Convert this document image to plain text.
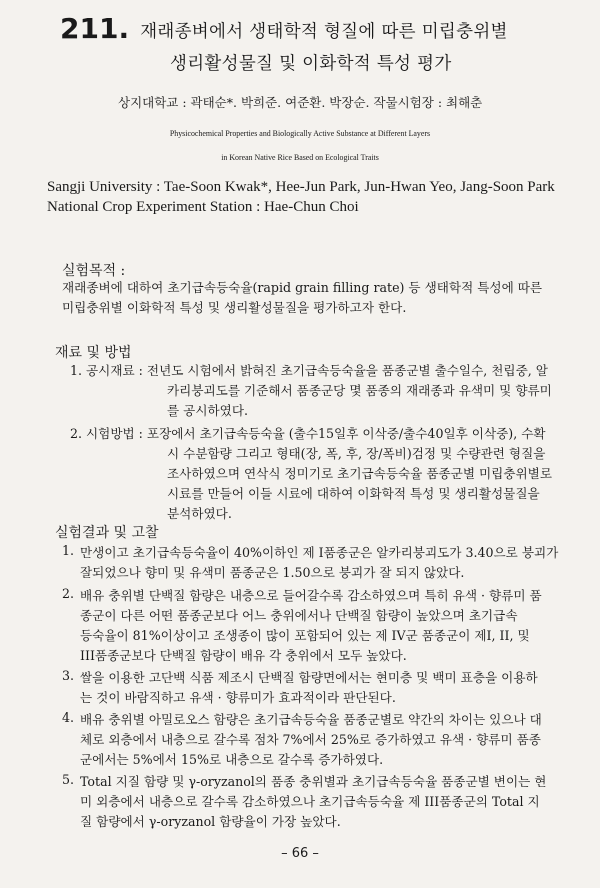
211. 재래종벼에서 생태학적 형질에 따른 미립충위별
생리활성물질 및 이화학적 특성 평가
상지대학교 : 곽태순*. 박희준. 여준환. 박장순. 작물시험장 : 최해춘
Physicochemical Properties and Biologically Active Substance at Different Layers
in Korean Native Rice Based on Ecological Traits
Sangji University : Tae-Soon Kwak*, Hee-Jun Park, Jun-Hwan Yeo, Jang-Soon Park
National Crop Experiment Station : Hae-Chun Choi
실험목적 :
재래종벼에 대하여 초기급속등숙율(rapid grain filling rate) 등 생태학적 특성에 따른
미립충위별 이화학적 특성 및 생리활성물질을 평가하고자 한다.
재료 및 방법
1. 공시재료 : 전년도 시험에서 밝혀진 초기급속등숙율을 품종군별 출수일수, 천립중, 알
카리붕괴도를 기준해서 품종군당 몇 품종의 재래종과 유색미 및 향류미
를 공시하였다.
2. 시험방법 : 포장에서 초기급속등숙율 (출수15일후 이삭중/출수40일후 이삭중), 수확
시 수분함량 그리고 형태(장, 폭, 후, 장/폭비)검정 및 수량관련 형질을
조사하였으며 연삭식 정미기로 초기급속등숙율 품종군별 미립충위별로
시료를 만들어 이들 시료에 대하여 이화학적 특성 및 생리활성물질을
분석하였다.
실험결과 및 고찰
1. 만생이고 초기급속등숙율이 40%이하인 제 I품종군은 알카리붕괴도가 3.40으로 붕괴가
잘되었으나 향미 및 유색미 품종군은 1.50으로 붕괴가 잘 되지 않았다.
2. 배유 충위별 단백질 함량은 내층으로 들어갈수록 감소하였으며 특히 유색 · 향류미 품
종군이 다른 어떤 품종군보다 어느 충위에서나 단백질 함량이 높았으며 초기급속
등숙율이 81%이상이고 조생종이 많이 포함되어 있는 제 IV군 품종군이 제I, II, 및
III품종군보다 단백질 함량이 배유 각 충위에서 모두 높았다.
3. 쌀을 이용한 고단백 식품 제조시 단백질 함량면에서는 현미층 및 백미 표층을 이용하
는 것이 바람직하고 유색 · 향류미가 효과적이라 판단된다.
4. 배유 충위별 아밀로오스 함량은 초기급속등숙율 품종군별로 약간의 차이는 있으나 대
체로 외층에서 내층으로 갈수록 점차 7%에서 25%로 증가하였고 유색 · 향류미 품종
군에서는 5%에서 15%로 내층으로 갈수록 증가하였다.
5. Total 지질 함량 및 γ-oryzanol의 품종 충위별과 초기급속등숙율 품종군별 변이는 현
미 외층에서 내층으로 갈수록 감소하였으나 초기급속등숙율 제 III품종군의 Total 지
질 함량에서 γ-oryzanol 함량율이 가장 높았다.
– 66 –
